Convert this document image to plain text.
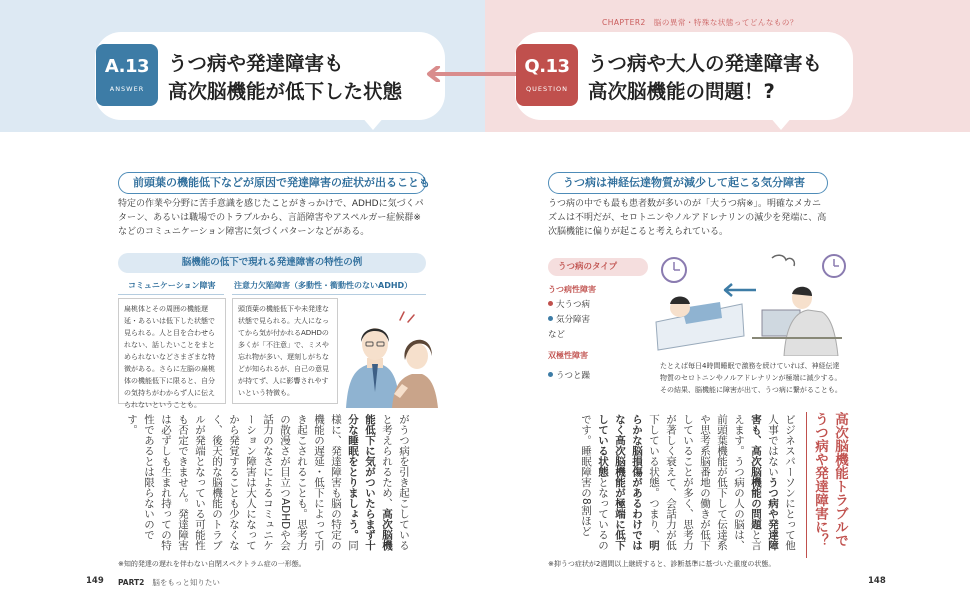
CHAPTER2　脳の異常・特殊な状態ってどんなもの？
A.13
ANSWER
Q.13
QUESTION
うつ病や発達障害も
高次脳機能が低下した状態
うつ病や大人の発達障害も
高次脳機能の問題！?
前頭葉の機能低下などが原因で発達障害の症状が出ることも
特定の作業や分野に苦手意識を感じたことがきっかけで、ADHDに気づくパターン、あるいは職場でのトラブルから、言語障害やアスペルガー症候群※などのコミュニケーション障害に気づくパターンなどがある。
脳機能の低下で現れる発達障害の特性の例
コミュニケーション障害 注意力欠陥障害（多動性・衝動性のないADHD）
扁桃体とその周囲の機能遅延・あるいは低下した状態で見られる。人と目を合わせられない、話したいことをまとめられないなどさまざまな特徴がある。さらに左脳の扁桃体の機能低下に限ると、自分の気持ちがわからず人に伝えられないということも。
頭頂葉の機能低下や未発達な状態で見られる。大人になってから気が付かれるADHDの多くが「不注意」で、ミスや忘れ物が多い、遅刻しがちなどが知られるが、自己の意見が持てず、人に影響されやすいという特徴も。
がうつ病を引き起こしていると考えられるため、高次脳機能低下に気がついたらまず十分な睡眠をとりましょう。同様に、発達障害も脳の特定の機能の遅延・低下によって引き起こされることも。思考力の散漫さが目立つADHDや会話力のなさによるコミュニケーション障害は大人になってから発覚することも少なくなく、後天的な脳機能のトラブルが発端となっている可能性も否定できません。発達障害は必ずしも生まれ持っての特性であるとは限らないのです。
※知的発達の遅れを伴わない自閉スペクトラム症の一形態。
149 PART2 脳をもっと知りたい
うつ病は神経伝達物質が減少して起こる気分障害
うつ病の中でも最も患者数が多いのが「大うつ病※」。明確なメカニズムは不明だが、セロトニンやノルアドレナリンの減少を発端に、高次脳機能に偏りが起こると考えられている。
うつ病のタイプ
うつ病性障害
大うつ病
気分障害
など
双極性障害
うつと躁
たとえば毎日4時間睡眠で激務を続けていれば、神経伝達物質のセロトニンやノルアドレナリンが極端に減少する。その結果、脳機能に障害が出て、うつ病に繋がることも。
高次脳機能トラブルでうつ病や発達障害に？
ビジネスパーソンにとって他人事ではないうつ病や発達障害も、高次脳機能の問題と言えます。うつ病の人の脳は、前頭葉機能が低下して伝達系や思考系脳番地の働きが低下していることが多く、思考力が著しく衰えて、会話力が低下している状態。つまり、明らかな脳損傷があるわけではなく高次脳機能が極端に低下している状態となっているのです。睡眠障害の8割ほど
※抑うつ症状が2週間以上継続すると、診断基準に基づいた重度の状態。
148
